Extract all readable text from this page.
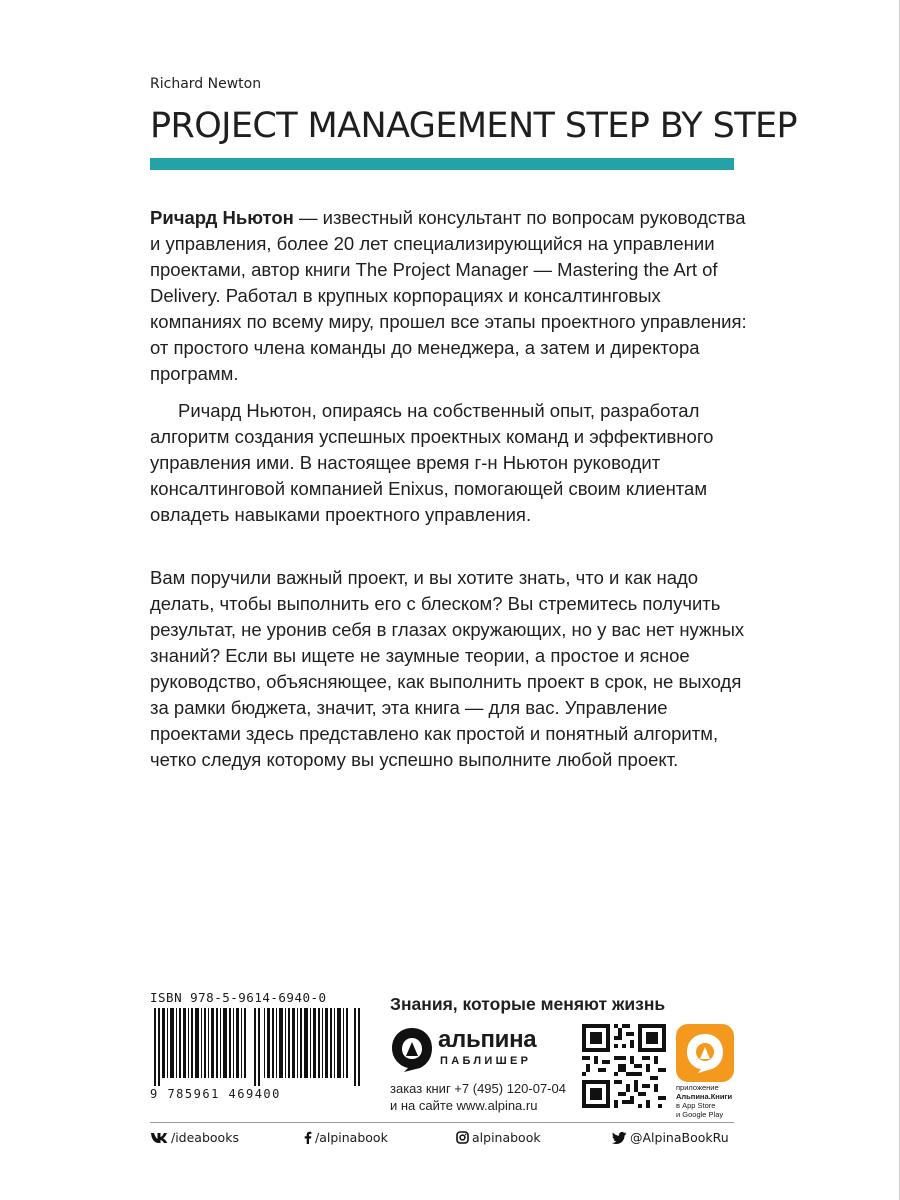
Richard Newton
PROJECT MANAGEMENT STEP BY STEP

Ричард Ньютон — известный консультант по вопросам руководства и управления, более 20 лет специализирующийся на управлении проектами, автор книги The Project Manager — Mastering the Art of Delivery. Работал в крупных корпорациях и консалтинговых компаниях по всему миру, прошел все этапы проектного управления: от простого члена команды до менеджера, а затем и директора программ.

Ричард Ньютон, опираясь на собственный опыт, разработал алгоритм создания успешных проектных команд и эффективного управления ими. В настоящее время г-н Ньютон руководит консалтинговой компанией Enixus, помогающей своим клиентам овладеть навыками проектного управления.

Вам поручили важный проект, и вы хотите знать, что и как надо делать, чтобы выполнить его с блеском? Вы стремитесь получить результат, не уронив себя в глазах окружающих, но у вас нет нужных знаний? Если вы ищете не заумные теории, а простое и ясное руководство, объясняющее, как выполнить проект в срок, не выходя за рамки бюджета, значит, эта книга — для вас. Управление проектами здесь представлено как простой и понятный алгоритм, четко следуя которому вы успешно выполните любой проект.

ISBN 978-5-9614-6940-0
9 785961 469400
Знания, которые меняют жизнь
альпина
ПАБЛИШЕР
заказ книг +7 (495) 120-07-04
и на сайте www.alpina.ru
приложение
Альпина.Книги
в App Store
и Google Play
/ideabooks	/alpinabook	alpinabook	@AlpinaBookRu
